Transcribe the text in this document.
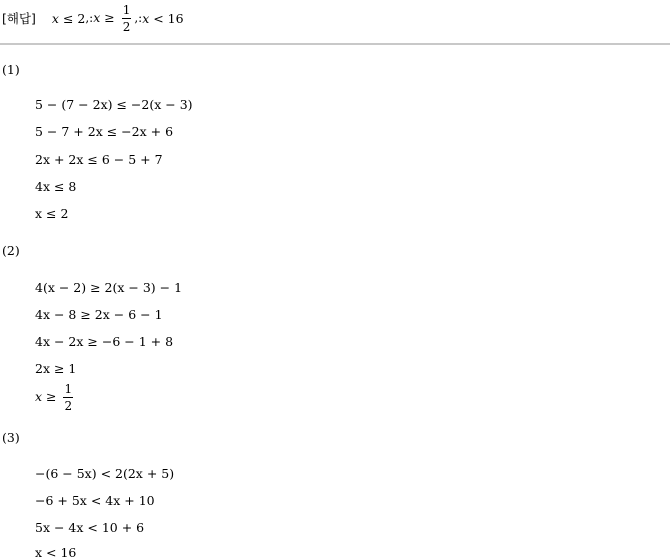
[해답] x ≤ 2 ,: $x \ge \frac{1}{2}$ ,: x < 16
(1)
5 − (7 − 2x) ≤ −2(x − 3)
5 − 7 + 2x ≤ −2x + 6
2x + 2x ≤ 6 − 5 + 7
4x ≤ 8
x ≤ 2
(2)
4(x − 2) ≥ 2(x − 3) − 1
4x − 8 ≥ 2x − 6 − 1
4x − 2x ≥ −6 − 1 + 8
2x ≥ 1
$x \ge \frac{1}{2}$
(3)
−(6 − 5x) < 2(2x + 5)
−6 + 5x < 4x + 10
5x − 4x < 10 + 6
x < 16
